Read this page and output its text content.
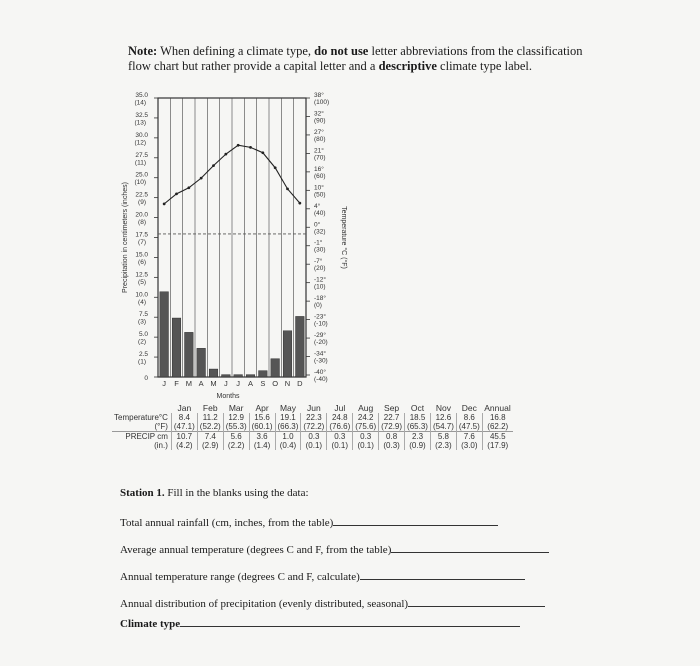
Note: When defining a climate type, do not use letter abbreviations from the classification flow chart but rather provide a capital letter and a descriptive climate type label.
35.0
(14)
32.5
(13)
30.0
(12)
27.5
(11)
25.0
(10)
22.5
(9)
20.0
(8)
17.5
(7)
15.0
(6)
12.5
(5)
10.0
(4)
7.5
(3)
5.0
(2)
2.5
(1)
0
38°
(100)
32°
(90)
27°
(80)
21°
(70)
16°
(60)
10°
(50)
4°
(40)
0°
(32)
-1°
(30)
-7°
(20)
-12°
(10)
-18°
(0)
-23°
(-10)
-29°
(-20)
-34°
(-30)
-40°
(-40)
J F M A M J J A S O N D
Months
Precipitation in centimeters (inches)	Temperature °C (°F)
	Jan	Feb	Mar	Apr	May	Jun	Jul	Aug	Sep	Oct	Nov	Dec	Annual
Temperature°C	8.4	11.2	12.9	15.6	19.1	22.3	24.8	24.2	22.7	18.5	12.6	8.6	16.8
(°F)	(47.1)	(52.2)	(55.3)	(60.1)	(66.3)	(72.2)	(76.6)	(75.6)	(72.9)	(65.3)	(54.7)	(47.5)	(62.2)
PRECIP cm	10.7	7.4	5.6	3.6	1.0	0.3	0.3	0.3	0.8	2.3	5.8	7.6	45.5
(in.)	(4.2)	(2.9)	(2.2)	(1.4)	(0.4)	(0.1)	(0.1)	(0.1)	(0.3)	(0.9)	(2.3)	(3.0)	(17.9)
Station 1. Fill in the blanks using the data:
Total annual rainfall (cm, inches, from the table)
Average annual temperature (degrees C and F, from the table)
Annual temperature range (degrees C and F, calculate)
Annual distribution of precipitation (evenly distributed, seasonal)
Climate type
